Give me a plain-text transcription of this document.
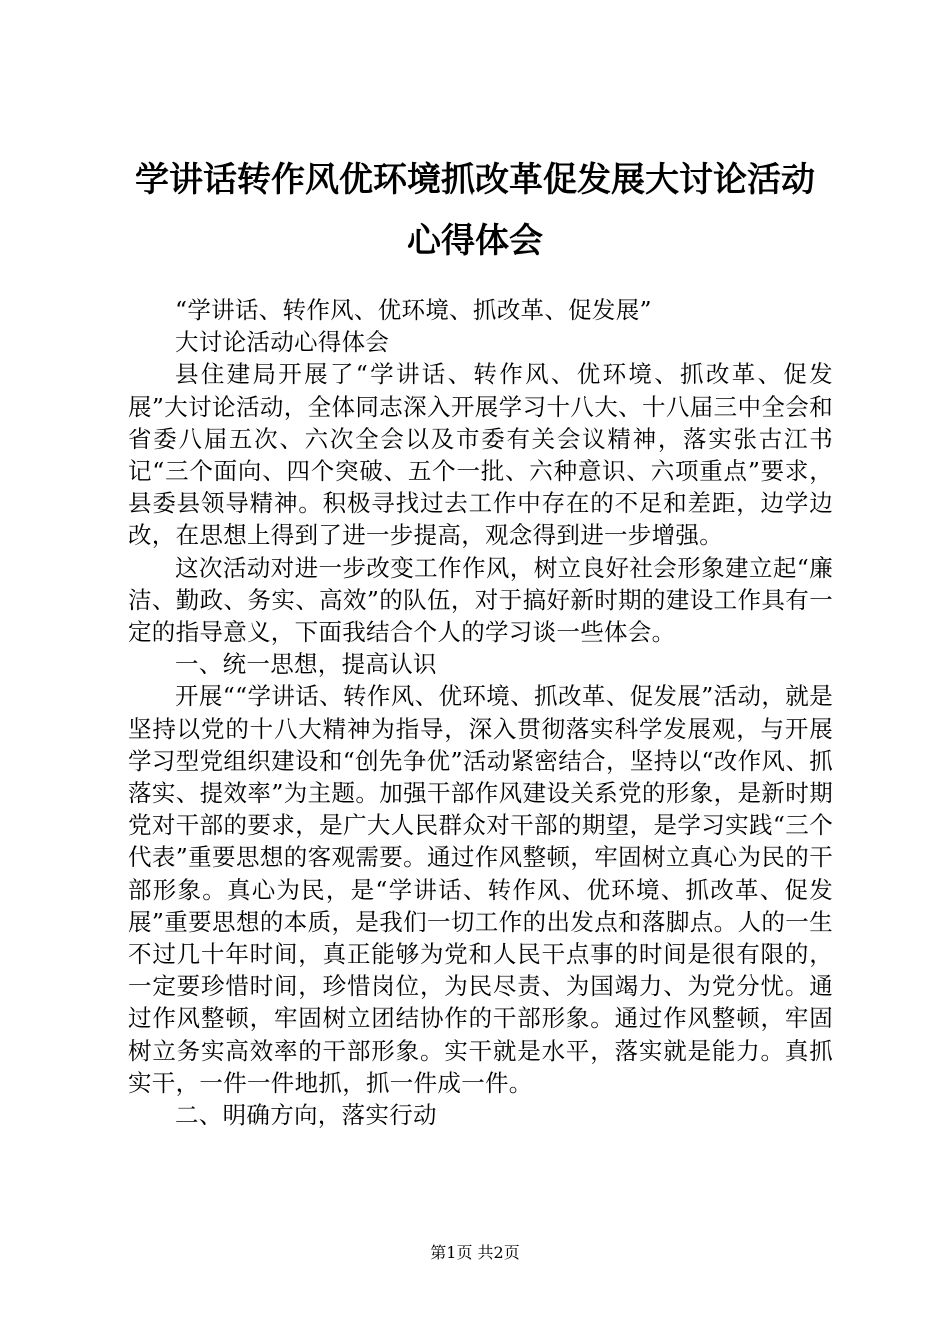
学讲话转作风优环境抓改革促发展大讨论活动
心得体会

“学讲话、转作风、优环境、抓改革、促发展”

大讨论活动心得体会

县住建局开展了“学讲话、转作风、优环境、抓改革、促发展”大讨论活动，全体同志深入开展学习十八大、十八届三中全会和省委八届五次、六次全会以及市委有关会议精神，落实张古江书记“三个面向、四个突破、五个一批、六种意识、六项重点”要求，县委县领导精神。积极寻找过去工作中存在的不足和差距，边学边改，在思想上得到了进一步提高，观念得到进一步增强。

这次活动对进一步改变工作作风，树立良好社会形象建立起“廉洁、勤政、务实、高效”的队伍，对于搞好新时期的建设工作具有一定的指导意义，下面我结合个人的学习谈一些体会。

一、统一思想，提高认识

开展““学讲话、转作风、优环境、抓改革、促发展”活动，就是坚持以党的十八大精神为指导，深入贯彻落实科学发展观，与开展学习型党组织建设和“创先争优”活动紧密结合，坚持以“改作风、抓落实、提效率”为主题。加强干部作风建设关系党的形象，是新时期党对干部的要求，是广大人民群众对干部的期望，是学习实践“三个代表”重要思想的客观需要。通过作风整顿，牢固树立真心为民的干部形象。真心为民，是“学讲话、转作风、优环境、抓改革、促发展”重要思想的本质，是我们一切工作的出发点和落脚点。人的一生不过几十年时间，真正能够为党和人民干点事的时间是很有限的，一定要珍惜时间，珍惜岗位，为民尽责、为国竭力、为党分忧。通过作风整顿，牢固树立团结协作的干部形象。通过作风整顿，牢固树立务实高效率的干部形象。实干就是水平，落实就是能力。真抓实干，一件一件地抓，抓一件成一件。

二、明确方向，落实行动

第1页 共2页
